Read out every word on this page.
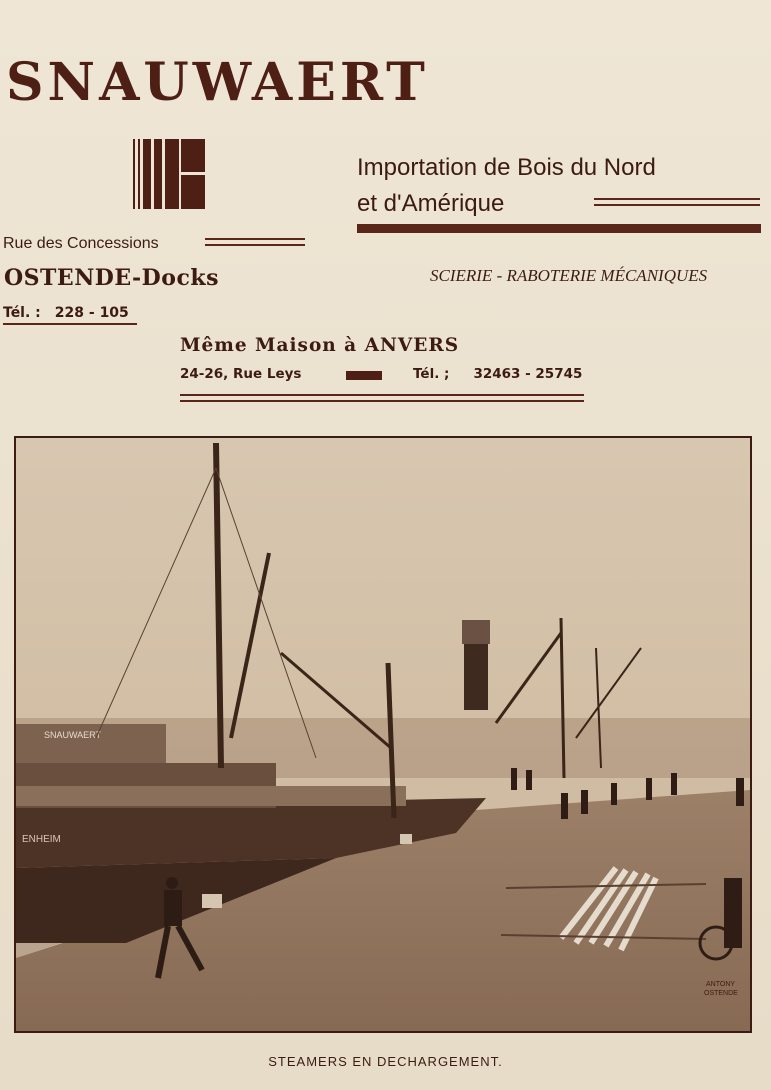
SNAUWAERT
Importation de Bois du Nord
et d'Amérique
Rue des Concessions
OSTENDE-Docks
Tél. : 228 - 105
SCIERIE - RABOTERIE MÉCANIQUES
Même Maison à ANVERS
24-26, Rue Leys	Tél. ; 32463 - 25745
SNAUWAERT
ENHEIM
ANTONY
OSTENDE
STEAMERS EN DECHARGEMENT.
